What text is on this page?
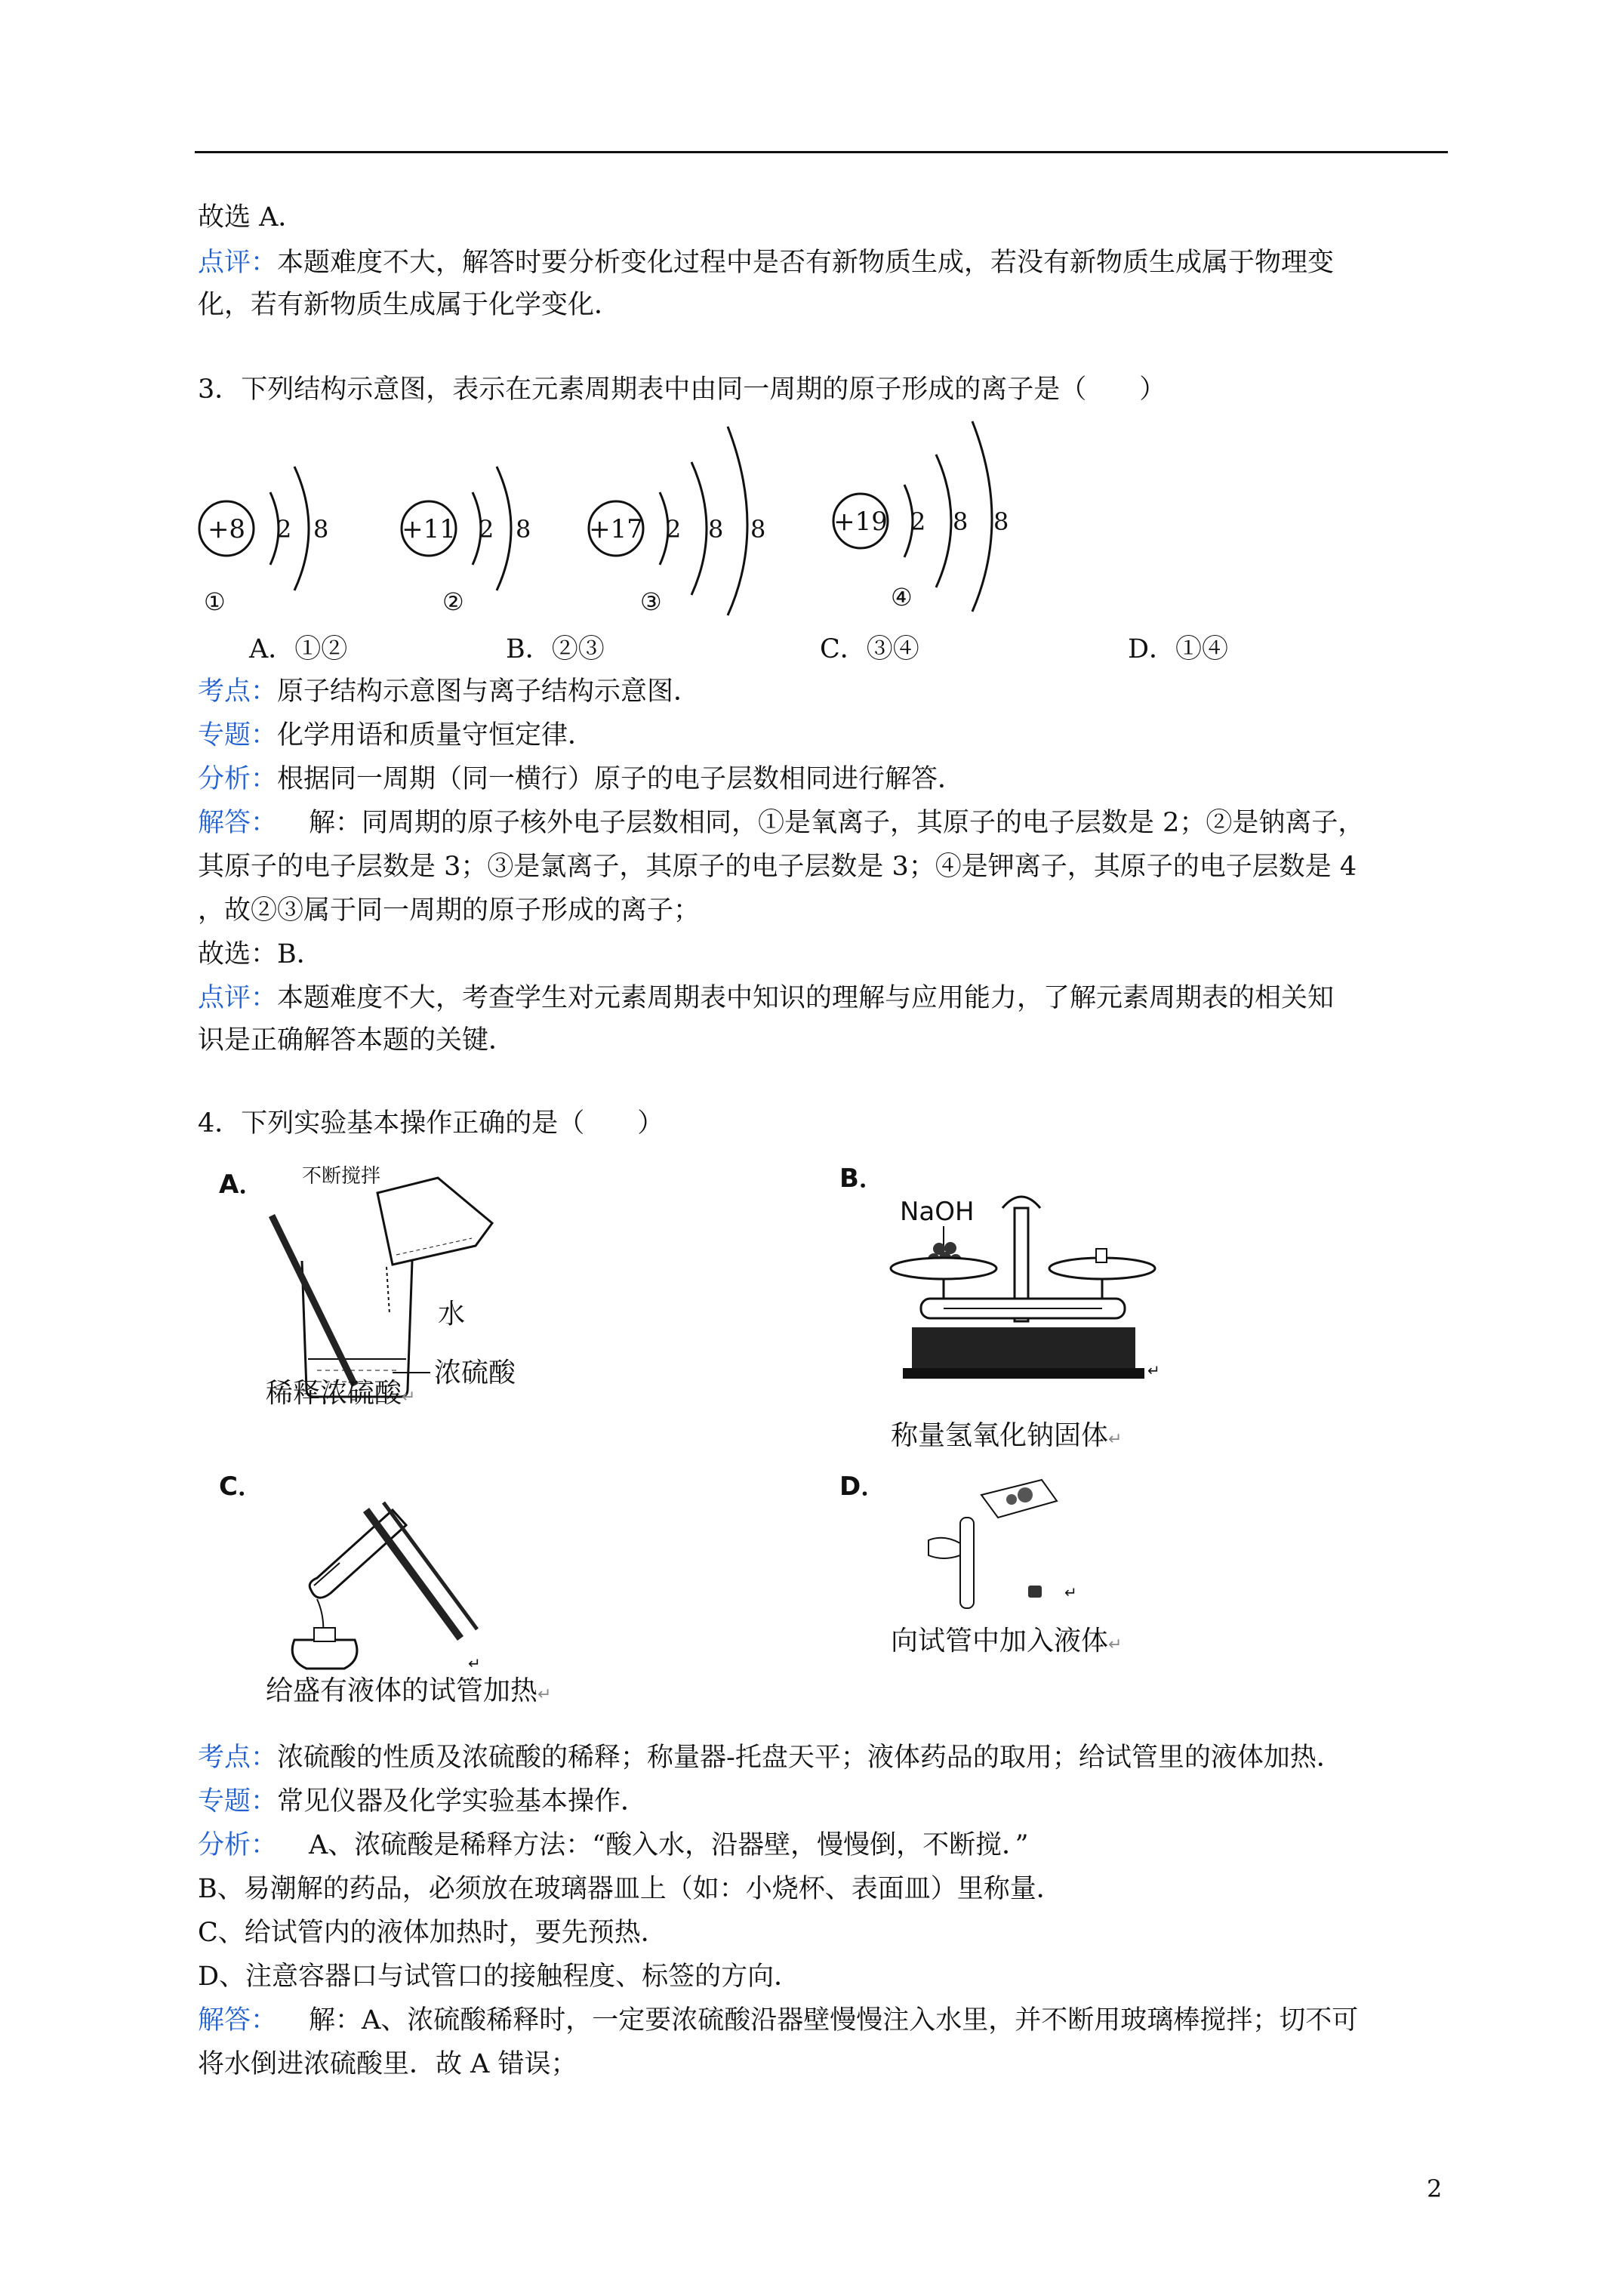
故选 A．
点评：本题难度不大，解答时要分析变化过程中是否有新物质生成，若没有新物质生成属于物理变
化，若有新物质生成属于化学变化．
3．下列结构示意图，表示在元素周期表中由同一周期的原子形成的离子是（　　）
+8 2 8
①
+11 2 8
②
+17 2 8 8
③
+19 2 8 8
④
A．①②	B．②③	C．③④	D．①④
考点：原子结构示意图与离子结构示意图．
专题：化学用语和质量守恒定律．
分析：根据同一周期（同一横行）原子的电子层数相同进行解答．
解答： 解：同周期的原子核外电子层数相同，①是氧离子，其原子的电子层数是 2；②是钠离子，
其原子的电子层数是 3；③是氯离子，其原子的电子层数是 3；④是钾离子，其原子的电子层数是 4
，故②③属于同一周期的原子形成的离子；
故选：B．
点评：本题难度不大，考查学生对元素周期表中知识的理解与应用能力，了解元素周期表的相关知
识是正确解答本题的关键．
4．下列实验基本操作正确的是（　　）
A． 不断搅拌
水
浓硫酸
稀释浓硫酸↵
B．
NaOH
↵
称量氢氧化钠固体↵
C．
↵
给盛有液体的试管加热↵
D．
↵
向试管中加入液体↵
考点：浓硫酸的性质及浓硫酸的稀释；称量器-托盘天平；液体药品的取用；给试管里的液体加热．
专题：常见仪器及化学实验基本操作．
分析： A、浓硫酸是稀释方法：“酸入水，沿器壁，慢慢倒，不断搅．”
B、易潮解的药品，必须放在玻璃器皿上（如：小烧杯、表面皿）里称量．
C、给试管内的液体加热时，要先预热．
D、注意容器口与试管口的接触程度、标签的方向．
解答： 解：A、浓硫酸稀释时，一定要浓硫酸沿器壁慢慢注入水里，并不断用玻璃棒搅拌；切不可
将水倒进浓硫酸里．故 A 错误；
2
